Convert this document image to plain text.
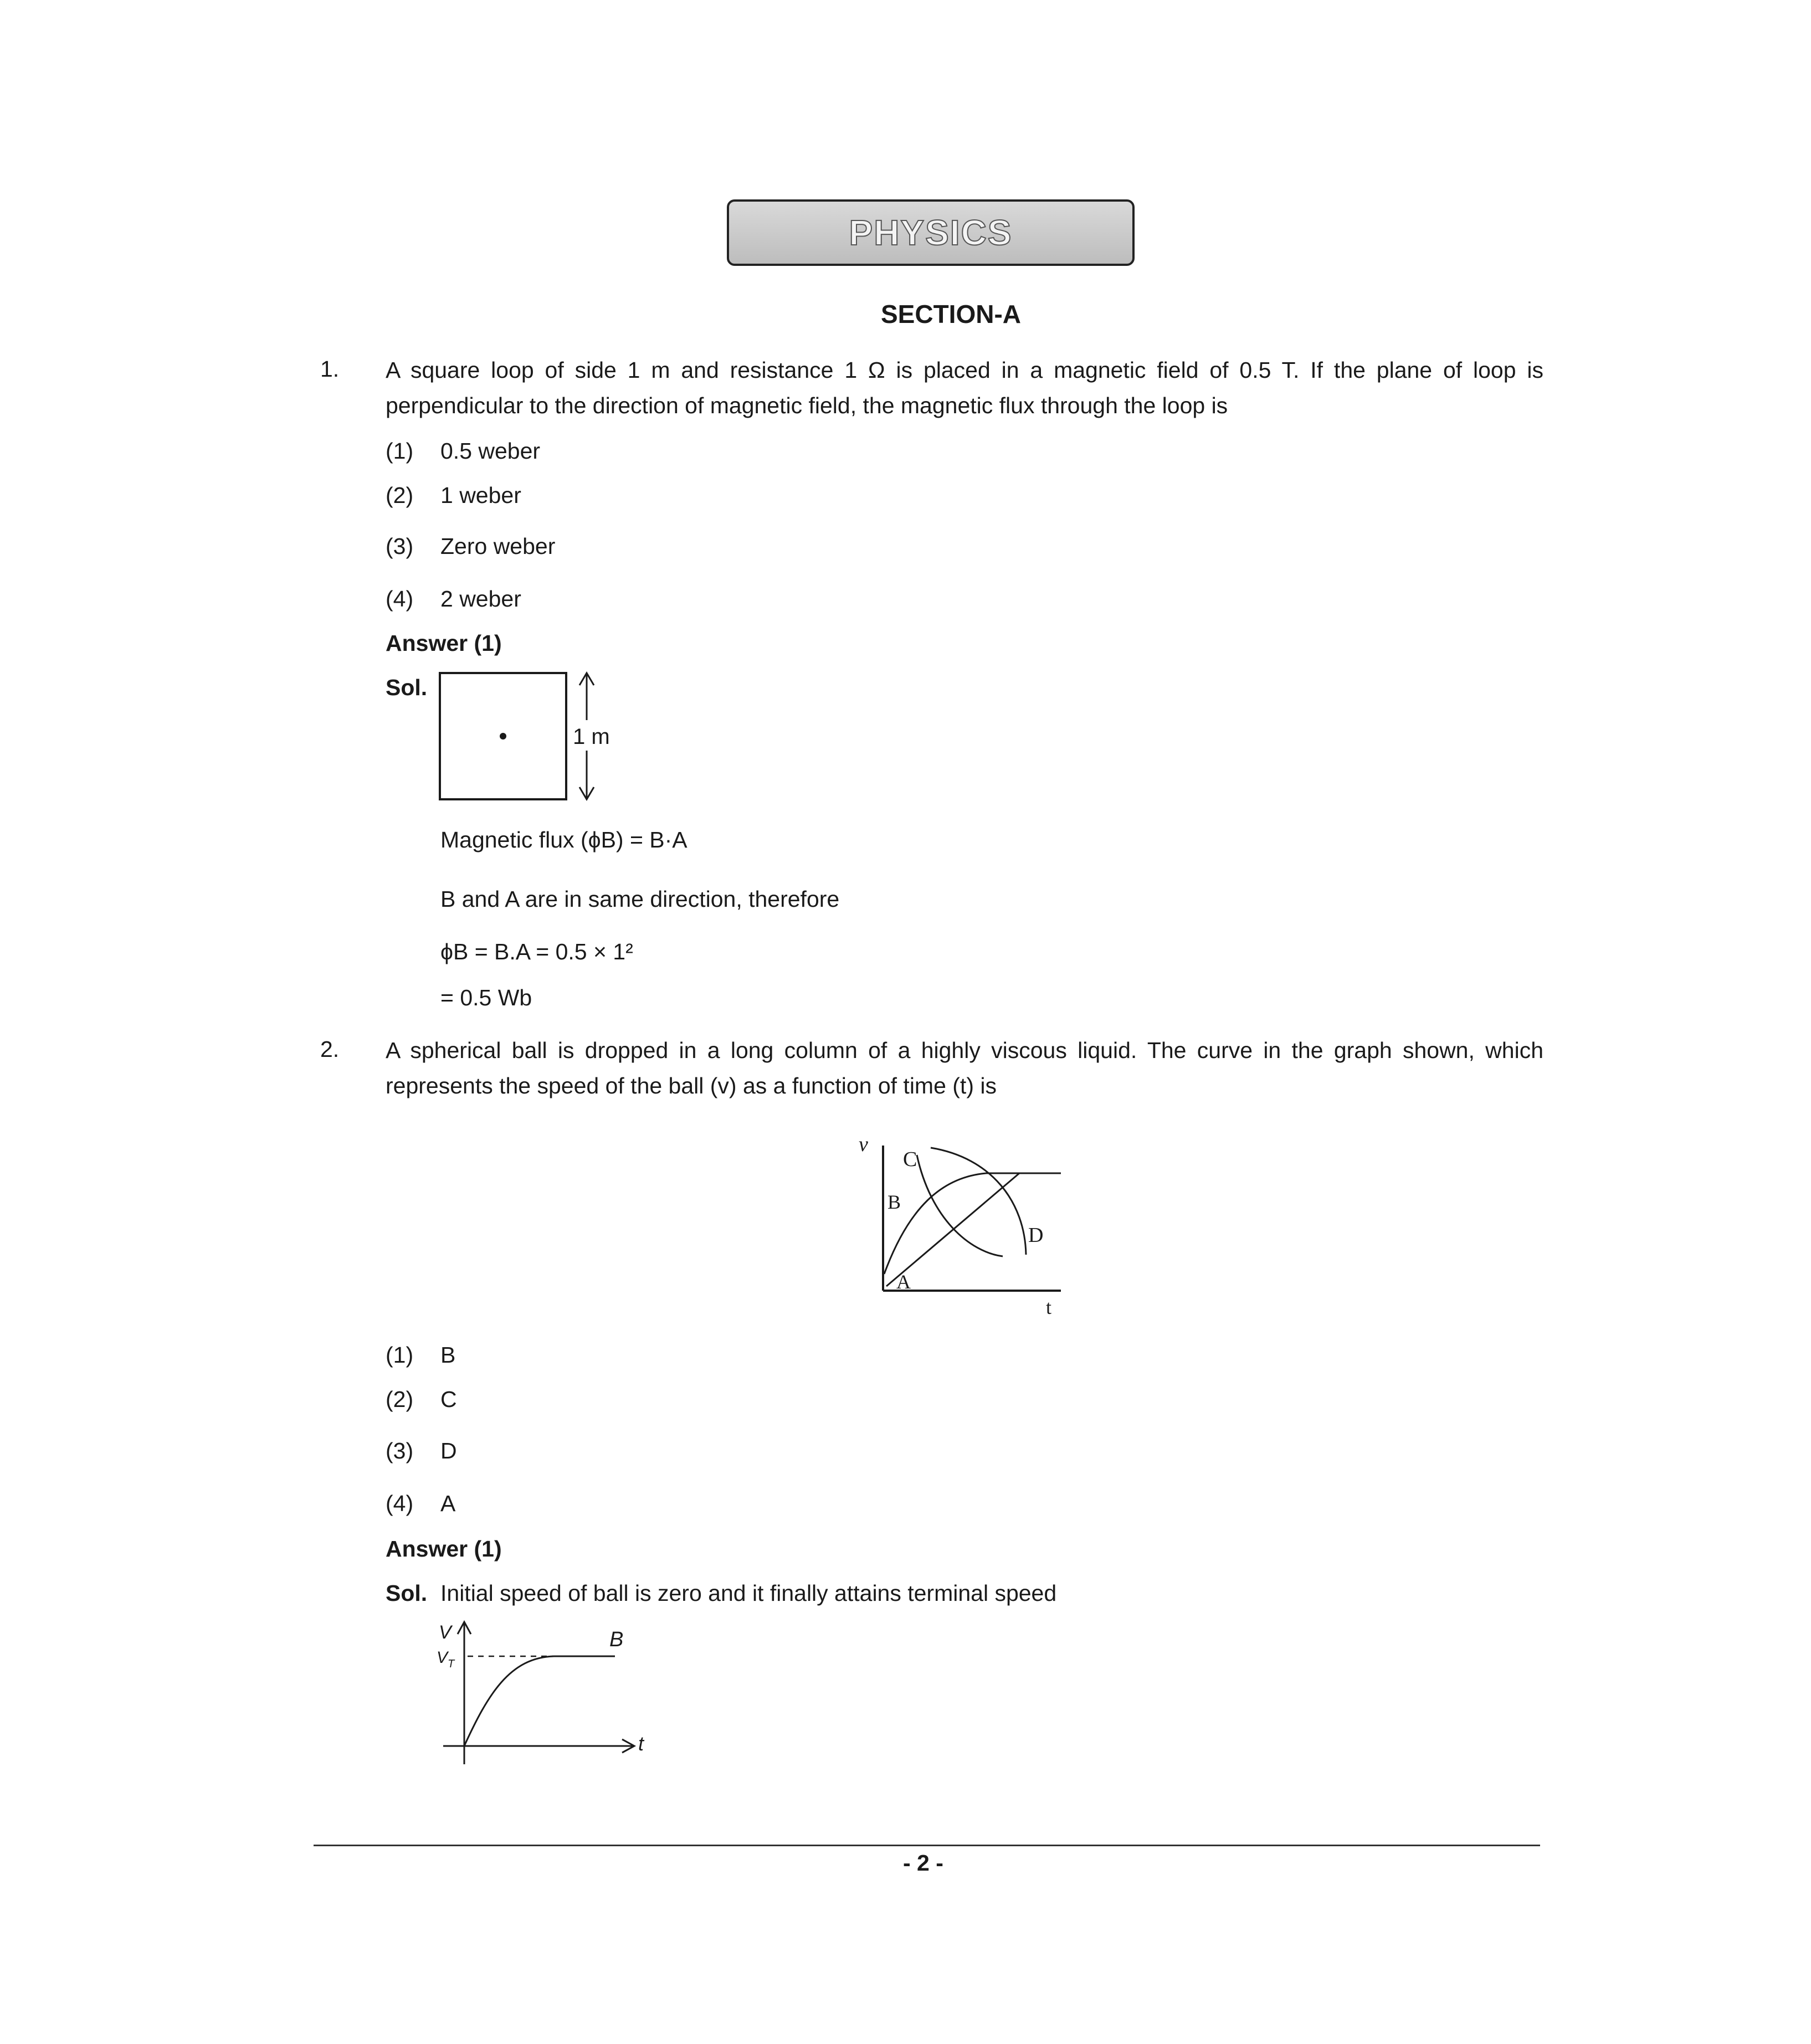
PHYSICS
SECTION-A
1. A square loop of side 1 m and resistance 1 Ω is placed in a magnetic field of 0.5 T. If the plane of loop is perpendicular to the direction of magnetic field, the magnetic flux through the loop is
(1) 0.5 weber
(2) 1 weber
(3) Zero weber
(4) 2 weber
Answer (1)
Sol.
1 m
Magnetic flux (ϕB) = B·A
B and A are in same direction, therefore
ϕB = B.A = 0.5 × 1²
= 0.5 Wb
2. A spherical ball is dropped in a long column of a highly viscous liquid. The curve in the graph shown, which represents the speed of the ball (v) as a function of time (t) is
v
t
A
B
C
D
(1) B
(2) C
(3) D
(4) A
Answer (1)
Sol. Initial speed of ball is zero and it finally attains terminal speed
V
$V_T$
B
t
- 2 -
